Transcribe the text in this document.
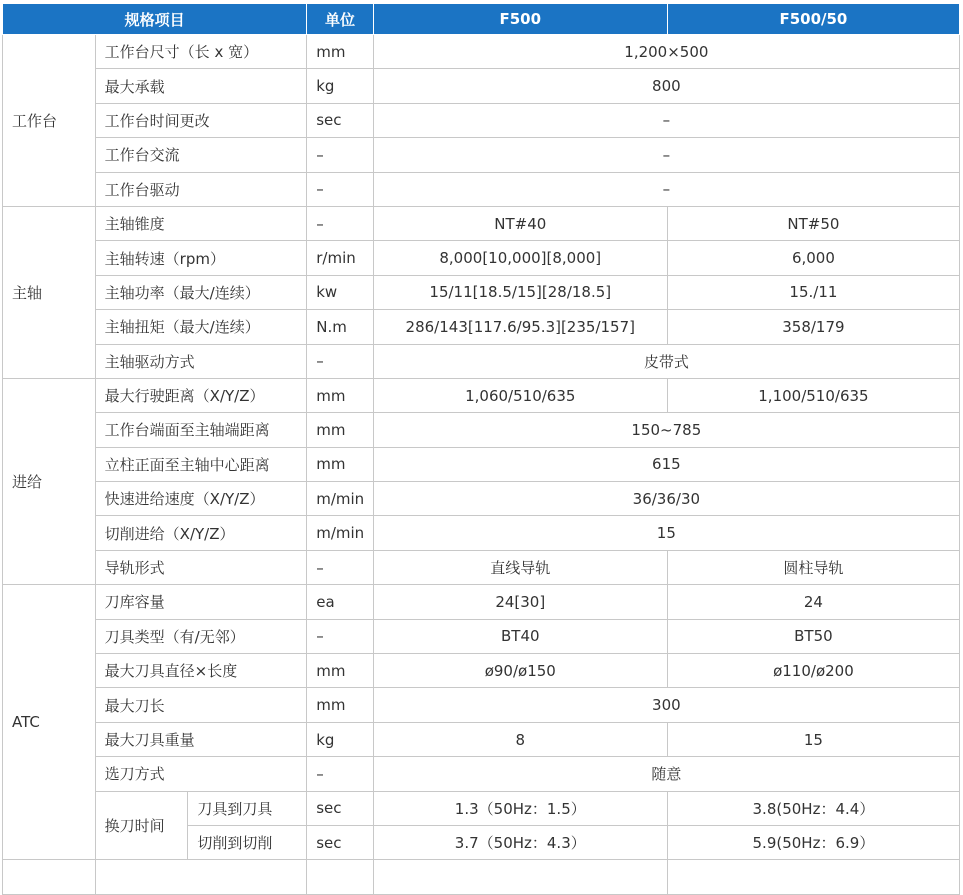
规格项目			单位	F500	F500/50
工作台	工作台尺寸（长 x 宽）		mm	1,200×500	
	最大承载		kg	800	
	工作台时间更改		sec	–	
	工作台交流		–	–	
	工作台驱动		–	–	
主轴	主轴锥度		–	NT#40	NT#50
	主轴转速（rpm）		r/min	8,000[10,000][8,000]	6,000
	主轴功率（最大/连续）		kw	15/11[18.5/15][28/18.5]	15./11
	主轴扭矩（最大/连续）		N.m	286/143[117.6/95.3][235/157]	358/179
	主轴驱动方式		–	皮带式	
进给	最大行驶距离（X/Y/Z）		mm	1,060/510/635	1,100/510/635
	工作台端面至主轴端距离		mm	150~785	
	立柱正面至主轴中心距离		mm	615	
	快速进给速度（X/Y/Z）		m/min	36/36/30	
	切削进给（X/Y/Z）		m/min	15	
	导轨形式		–	直线导轨	圆柱导轨
ATC	刀库容量		ea	24[30]	24
	刀具类型（有/无邻）		–	BT40	BT50
	最大刀具直径×长度		mm	ø90/ø150	ø110/ø200
	最大刀长		mm	300	
	最大刀具重量		kg	8	15
	选刀方式		–	随意	
	换刀时间	刀具到刀具	sec	1.3（50Hz：1.5）	3.8(50Hz：4.4）
		切削到切削	sec	3.7（50Hz：4.3）	5.9(50Hz：6.9）
